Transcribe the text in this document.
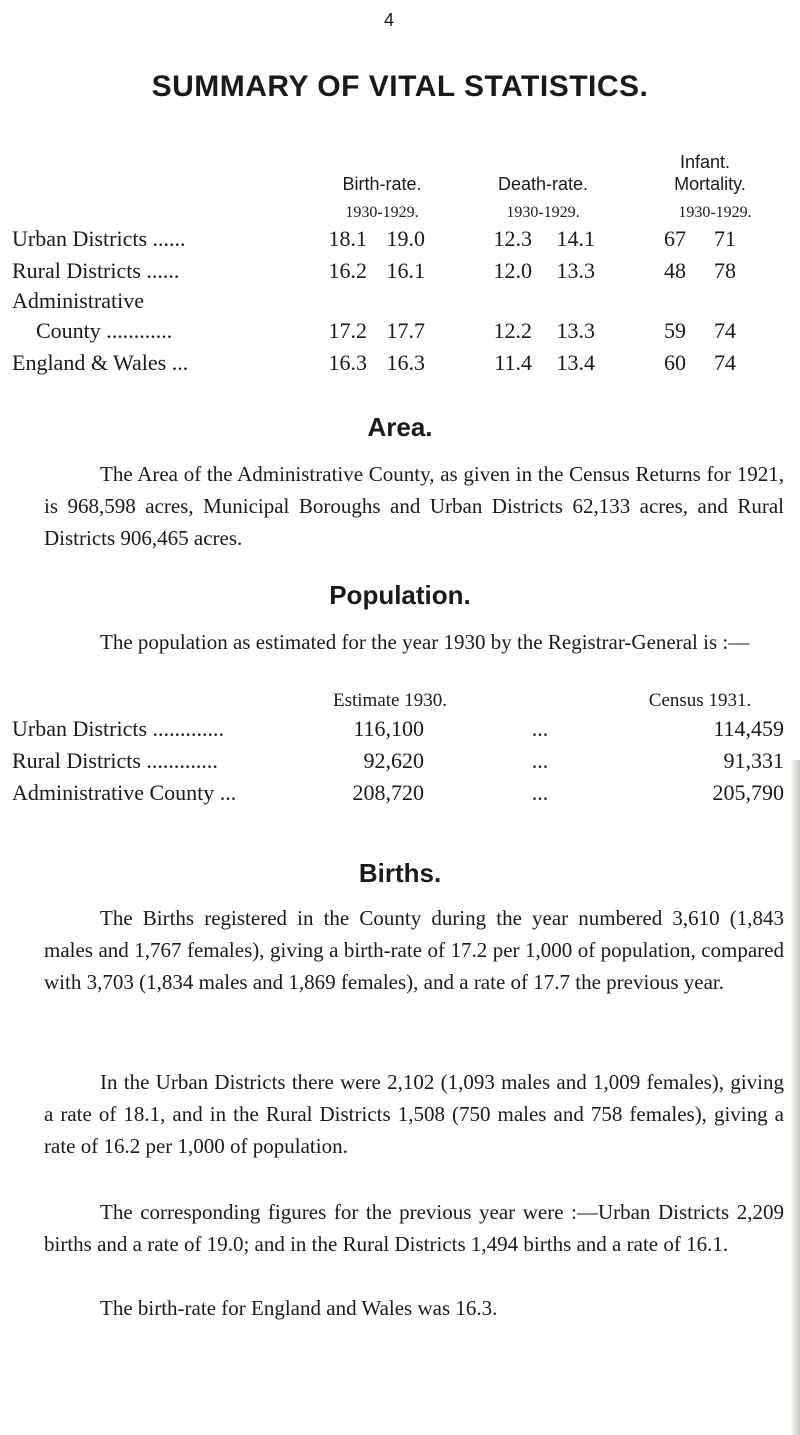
4
SUMMARY OF VITAL STATISTICS.
Infant.
Birth-rate.	Death-rate.	Mortality.
1930-1929.	1930-1929.	1930-1929.
Urban Districts ......	18.1 19.0	12.3	14.1	67	71
Rural Districts ......	16.2 16.1	12.0	13.3	48	78
Administrative
County ............	17.2 17.7	12.2	13.3	59	74
England & Wales ...	16.3 16.3	11.4	13.4	60	74
Area.

The Area of the Administrative County, as given in the Census Returns for 1921, is 968,598 acres, Municipal Boroughs and Urban Districts 62,133 acres, and Rural Districts 906,465 acres.

Population.

The population as estimated for the year 1930 by the Registrar-General is :—

Estimate 1930.	Census 1931.
Urban Districts .............	116,100	...	114,459
Rural Districts .............	92,620	...	91,331
Administrative County ...	208,720	...	205,790
Births.

The Births registered in the County during the year numbered 3,610 (1,843 males and 1,767 females), giving a birth-rate of 17.2 per 1,000 of population, compared with 3,703 (1,834 males and 1,869 females), and a rate of 17.7 the previous year.

In the Urban Districts there were 2,102 (1,093 males and 1,009 females), giving a rate of 18.1, and in the Rural Districts 1,508 (750 males and 758 females), giving a rate of 16.2 per 1,000 of population.

The corresponding figures for the previous year were :—Urban Districts 2,209 births and a rate of 19.0; and in the Rural Districts 1,494 births and a rate of 16.1.

The birth-rate for England and Wales was 16.3.
